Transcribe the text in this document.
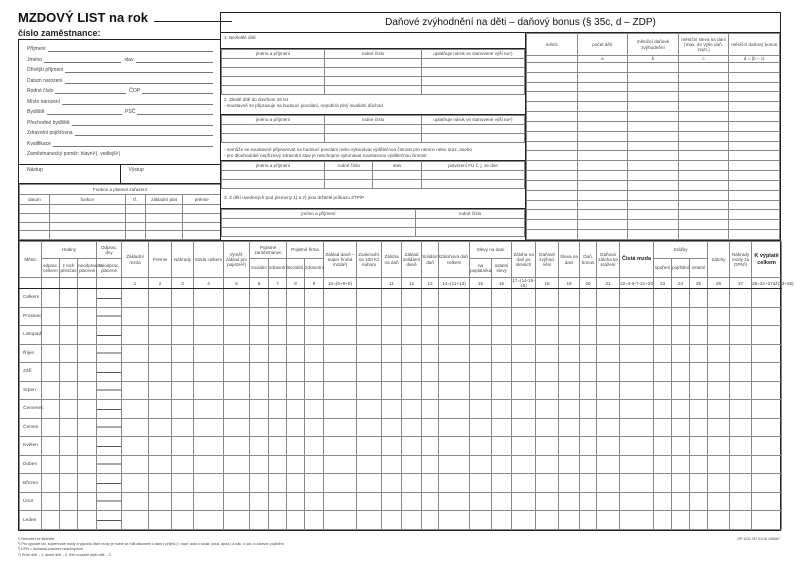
MZDOVÝ LIST na rok
číslo zaměstnance:
Příjmení
Jméno	stav
Dřívější příjmení
Datum narození
Rodné číslo	ČOP
Místo narození
Bydliště	PSČ
Přechodné bydliště
Zdravotní pojišťovna
Kvalifikace
Zaměstnanecký poměr: hlavní¹), vedlejší¹)
Nástup	Výstup
Funkce a platové zařazení				
datum	funkce	tř.	základní plat	prémie

Daňové zvýhodnění na děti – daňový bonus (§ 35c, d – ZDP)
1. Nezletilé dítě
jméno a příjmení	rodné číslo	uplatňuje nárok ve stanovené výši na⁴)

2. Zletilé dítě do dovršení 26 let
- soustavně se připravuje na budoucí povolání, nepobírá plný invalidní důchod
jméno a příjmení	rodné číslo	uplatňuje nárok ve stanovené výši na⁴)

- nemůže se soustavně připravovat na budoucí povolání nebo vykonávat výdělečnou činnost pro nemoc nebo úraz, anebo
- pro dlouhodobě nepříznivý zdravotní stav je neschopno vykonávat soustavnou výdělečnou činnost
jméno a příjmení	rodné číslo	stav	potvrzení FÚ č. j. ze dne

3. Z dětí uvedených pod písmeny 1) a 2) jsou držitelé průkazu ZTP/P
jméno a příjmení	rodné číslo

měsíc	počet dětí	měsíční daňové zvýhodnění	měsíční sleva na dani (max. do výše daň. zvyh.)	měsíční daňový bonus
	a	b	c	d = (b – c)

Měsíc	Hodiny			Odprac. dny	Základní mzda	Prémie	Náhrady	Mzda celkem	Vyměř. základ pro pojistné²)	Pojistné zaměstnanec		Pojistné firma		Základ daně – super hrubá mzda²)	Zaokrouhl. na 100 Kč nahoru	Záloha na daň	Základ solidární daně	Solidární daň	Zálohová daň celkem	Slevy na dani		Záloha na daň po slevách	Daňové zvýhod. nění	Sleva na dani	Daň. bonus	Daňová záloha ke srážení	Čistá mzda	Srážky			Zálohy	Náhrady mzdy za DPN³)	K výplatě celkem
	odprac. celkem	z nich přesčas	neodpracov. placené	Neodprac. placené						sociální	zdravotní	sociální	zdravotní							na poplatníka	ostatní slevy							spoření	pojištění	ostatní			
					1	2	3	4	5	6	7	8	9	10=(5+8+9)		11	12	13	14=(11+13)	15	16	17=(14-15-16)	18	19	20	21	22=4-6-7-21+20	23	24	25	26	27	28=22+27až(23+26)
Celkem																																	
Prosinec																																	
Listopad																																	
Říjen																																	
Září																																	
Srpen																																	
Červenec																																	
Červen																																	
Květen																																	
Duben																																	
Březen																																	
Únor																																	
Leden																																	
¹) Nehodící se škrtněte
²) Pro výpočet tzv. superhrubé mzdy a výpočtu čisté mzdy je nutné se řídit zákonem o dani z příjmů (= např. auto k soukr. pouš. apod.) a zák. o soc. a zdravot. pojištění
³) DPN = dočasná pracovní neschopnost
⁴) První dítě – 1, druhé dítě – 2, třetí a každé další dítě – 3
OP 1131 VD 01/16 106667
